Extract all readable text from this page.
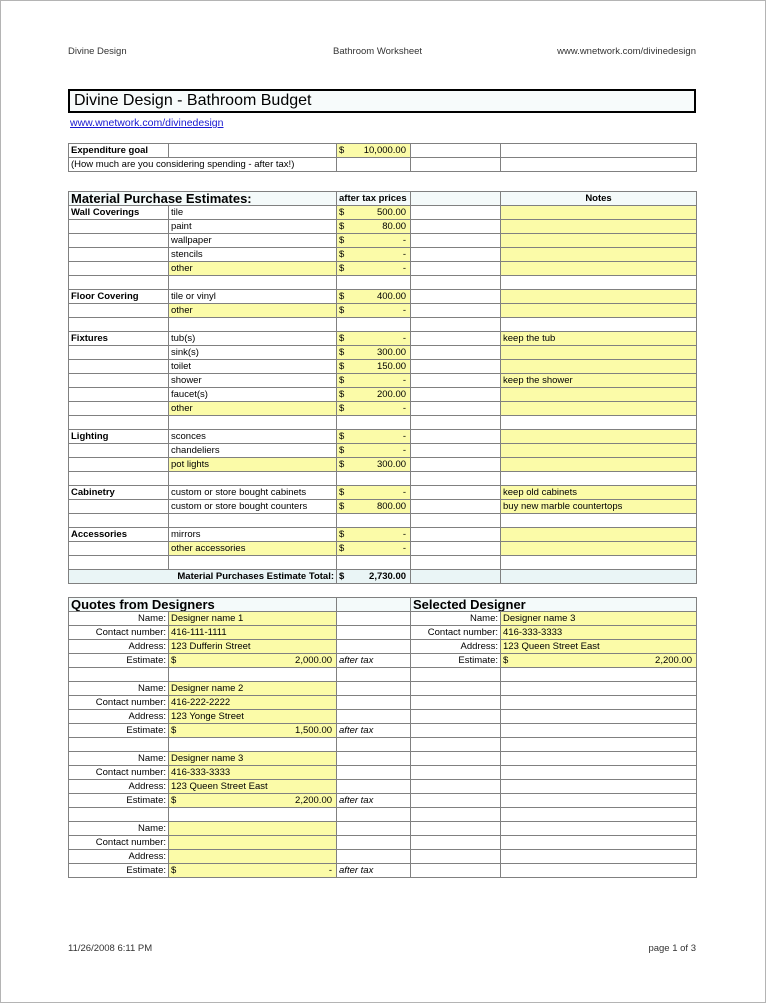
Divine Design	Bathroom Worksheet	www.wnetwork.com/divinedesign
Divine Design - Bathroom Budget
www.wnetwork.com/divinedesign
Expenditure goal		$ 10,000.00		

(How much are you considering spending - after tax!)				
Material Purchase Estimates:		after tax prices		Notes
Wall Coverings	tile	$ 500.00		

	paint	$ 80.00		

	wallpaper	$ -		

	stencils	$ -		

	other	$ -		

Floor Covering	tile or vinyl	$ 400.00		

	other	$ -		

Fixtures	tub(s)	$ -		keep the tub
	sink(s)	$ 300.00		

	toilet	$ 150.00		

	shower	$ -		keep the shower
	faucet(s)	$ 200.00		

	other	$ -		

Lighting	sconces	$ -		

	chandeliers	$ -		

	pot lights	$ 300.00		

Cabinetry	custom or store bought cabinets	$ -		keep old cabinets
	custom or store bought counters	$ 800.00		buy new marble countertops

Accessories	mirrors	$ -		

	other accessories	$ -		

Material Purchases Estimate Total:		$ 2,730.00		

Quotes from Designers			Selected Designer	
Name:	Designer name 1		Name:	Designer name 3
Contact number:	416-111-1111		Contact number:	416-333-3333
Address:	123 Dufferin Street		Address:	123 Queen Street East
Estimate:	$ 2,000.00	after tax	Estimate:	$ 2,200.00

Name:	Designer name 2			
Contact number:	416-222-2222			
Address:	123 Yonge Street			
Estimate:	$ 1,500.00	after tax		

Name:	Designer name 3			
Contact number:	416-333-3333			
Address:	123 Queen Street East			
Estimate:	$ 2,200.00	after tax		

Name:				
Contact number:				
Address:				
Estimate:	$ -	after tax		
11/26/2008 6:11 PM	page 1 of 3
